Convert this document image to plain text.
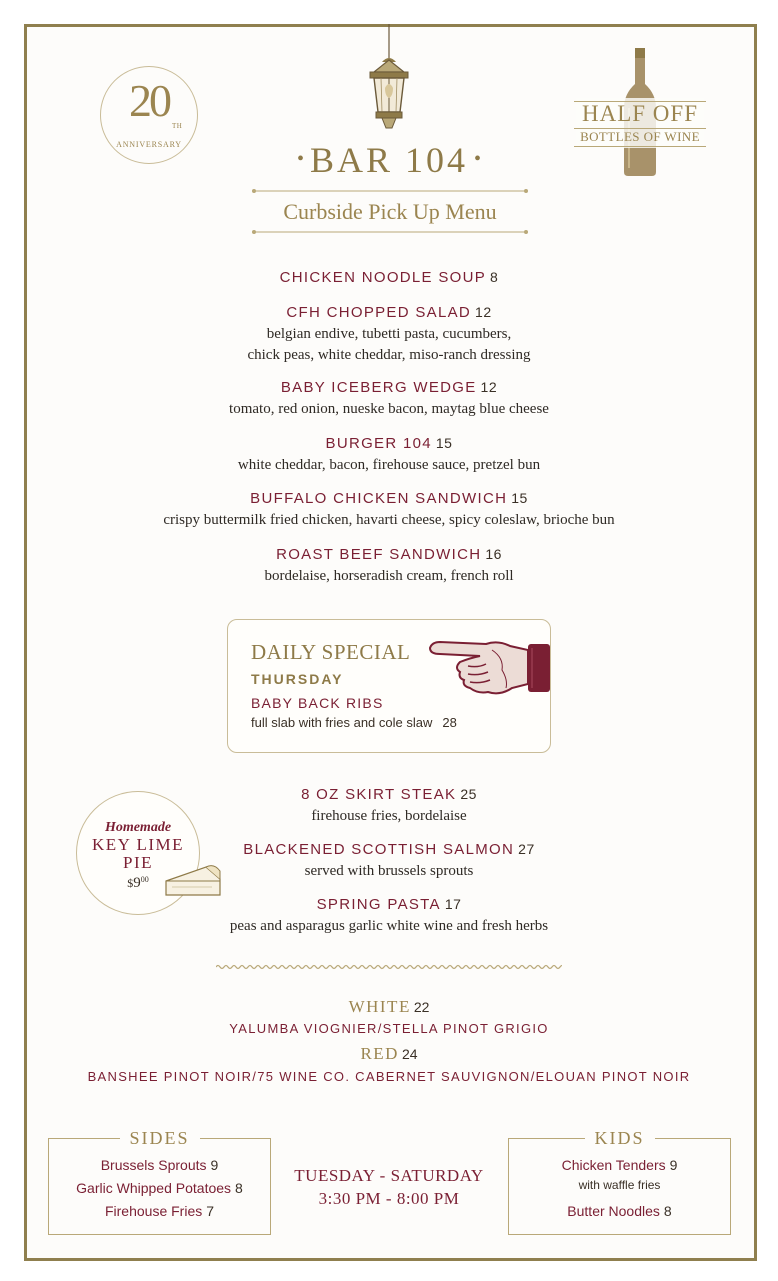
20 TH
ANNIVERSARY
HALF OFF
BOTTLES OF WINE
• BAR 104 •
Curbside Pick Up Menu
CHICKEN NOODLE SOUP 8
CFH CHOPPED SALAD 12
belgian endive, tubetti pasta, cucumbers,
chick peas, white cheddar, miso-ranch dressing
BABY ICEBERG WEDGE 12
tomato, red onion, nueske bacon, maytag blue cheese
BURGER 104 15
white cheddar, bacon, firehouse sauce, pretzel bun
BUFFALO CHICKEN SANDWICH 15
crispy buttermilk fried chicken, havarti cheese, spicy coleslaw, brioche bun
ROAST BEEF SANDWICH 16
bordelaise, horseradish cream, french roll
DAILY SPECIAL
THURSDAY
BABY BACK RIBS
full slab with fries and cole slaw 28
Homemade
KEY LIME
PIE
$\$9^{00}$
8 OZ SKIRT STEAK 25
firehouse fries, bordelaise
BLACKENED SCOTTISH SALMON 27
served with brussels sprouts
SPRING PASTA 17
peas and asparagus garlic white wine and fresh herbs
WHITE 22
YALUMBA VIOGNIER/STELLA PINOT GRIGIO
RED 24
BANSHEE PINOT NOIR/75 WINE CO. CABERNET SAUVIGNON/ELOUAN PINOT NOIR
SIDES
Brussels Sprouts 9
Garlic Whipped Potatoes 8
Firehouse Fries 7
TUESDAY - SATURDAY
3:30 PM - 8:00 PM
KIDS
Chicken Tenders 9
with waffle fries
Butter Noodles 8
